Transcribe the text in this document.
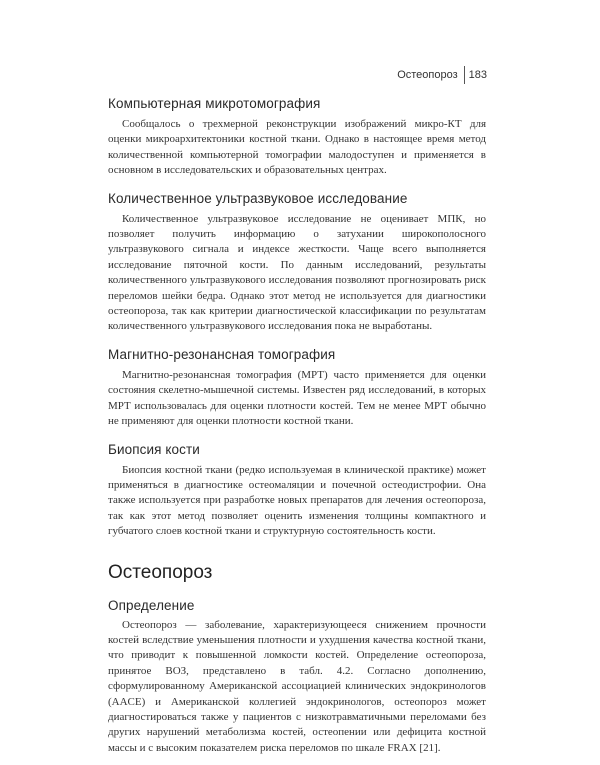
Остеопороз	183
Компьютерная микротомография

Сообщалось о трехмерной реконструкции изображений микро-КТ для оценки микроархитектоники костной ткани. Однако в настоящее время метод количественной компьютерной томографии малодоступен и применяется в основном в исследовательских и образовательных центрах.

Количественное ультразвуковое исследование

Количественное ультразвуковое исследование не оценивает МПК, но позволяет получить информацию о затухании широкополосного ультразвукового сигнала и индексе жесткости. Чаще всего выполняется исследование пяточной кости. По данным исследований, результаты количественного ультразвукового исследования позволяют прогнозировать риск переломов шейки бедра. Однако этот метод не используется для диагностики остеопороза, так как критерии диагностической классификации по результатам количественного ультразвукового исследования пока не выработаны.

Магнитно-резонансная томография

Магнитно-резонансная томография (МРТ) часто применяется для оценки состояния скелетно-мышечной системы. Известен ряд исследований, в которых МРТ использовалась для оценки плотности костей. Тем не менее МРТ обычно не применяют для оценки плотности костной ткани.

Биопсия кости

Биопсия костной ткани (редко используемая в клинической практике) может применяться в диагностике остеомаляции и почечной остеодистрофии. Она также используется при разработке новых препаратов для лечения остеопороза, так как этот метод позволяет оценить изменения толщины компактного и губчатого слоев костной ткани и структурную состоятельность кости.

Остеопороз
Определение

Остеопороз — заболевание, характеризующееся снижением прочности костей вследствие уменьшения плотности и ухудшения качества костной ткани, что приводит к повышенной ломкости костей. Определение остеопороза, принятое ВОЗ, представлено в табл. 4.2. Согласно дополнению, сформулированному Американской ассоциацией клинических эндокринологов (AACE) и Американской коллегией эндокринологов, остеопороз может диагностироваться также у пациентов с низкотравматичными переломами без других нарушений метаболизма костей, остеопении или дефицита костной массы и с высоким показателем риска переломов по шкале FRAX [21].
